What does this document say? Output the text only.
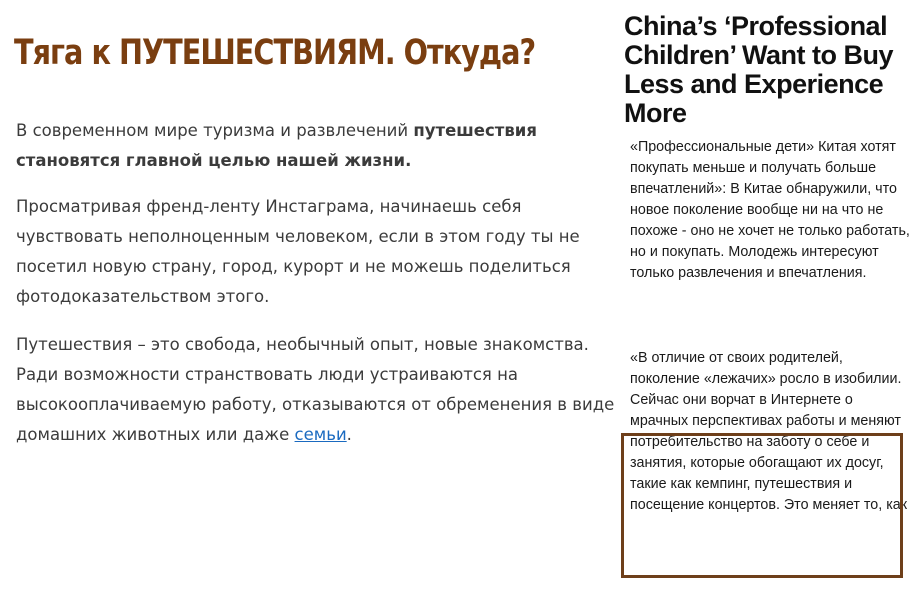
Тяга к ПУТЕШЕСТВИЯМ. Откуда?

В современном мире туризма и развлечений путешествия становятся главной целью нашей жизни.

Просматривая френд-ленту Инстаграма, начинаешь себя чувствовать неполноценным человеком, если в этом году ты не посетил новую страну, город, курорт и не можешь поделиться фотодоказательством этого.

Путешествия – это свобода, необычный опыт, новые знакомства. Ради возможности странствовать люди устраиваются на высокооплачиваемую работу, отказываются от обременения в виде домашних животных или даже семьи.

China’s ‘Professional Children’ Want to Buy Less and Experience More

«Профессиональные дети» Китая хотят покупать меньше и получать больше впечатлений»: В Китае обнаружили, что новое поколение вообще ни на что не похоже - оно не хочет не только работать, но и покупать. Молодежь интересуют только развлечения и впечатления.

«В отличие от своих родителей, поколение «лежачих» росло в изобилии. Сейчас они ворчат в Интернете о мрачных перспективах работы и меняют потребительство на заботу о себе и занятия, которые обогащают их досуг, такие как кемпинг, путешествия и посещение концертов. Это меняет то, как
